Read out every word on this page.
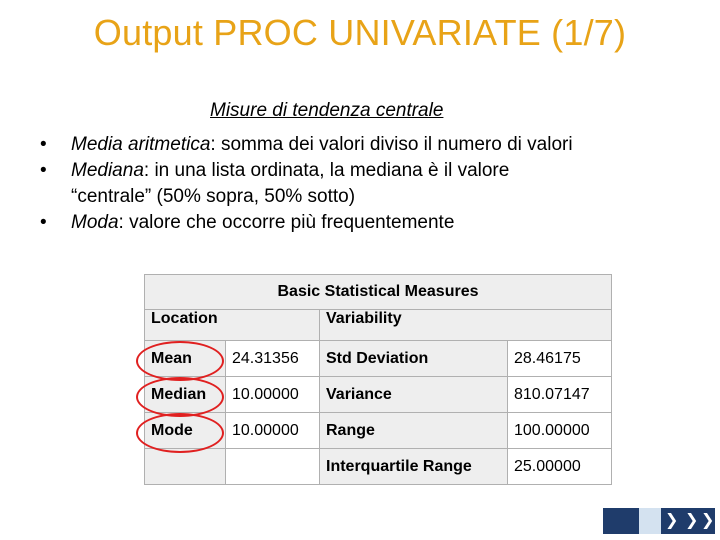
Output PROC UNIVARIATE (1/7)
Misure di tendenza centrale
• Media aritmetica: somma dei valori diviso il numero di valori
• Mediana: in una lista ordinata, la mediana è il valore
“centrale” (50% sopra, 50% sotto)
• Moda: valore che occorre più frequentemente
Basic Statistical Measures			
Location		Variability	
Mean	24.31356	Std Deviation	28.46175
Median	10.00000	Variance	810.07147
Mode	10.00000	Range	100.00000
		Interquartile Range	25.00000
❯ ❯ ❯
